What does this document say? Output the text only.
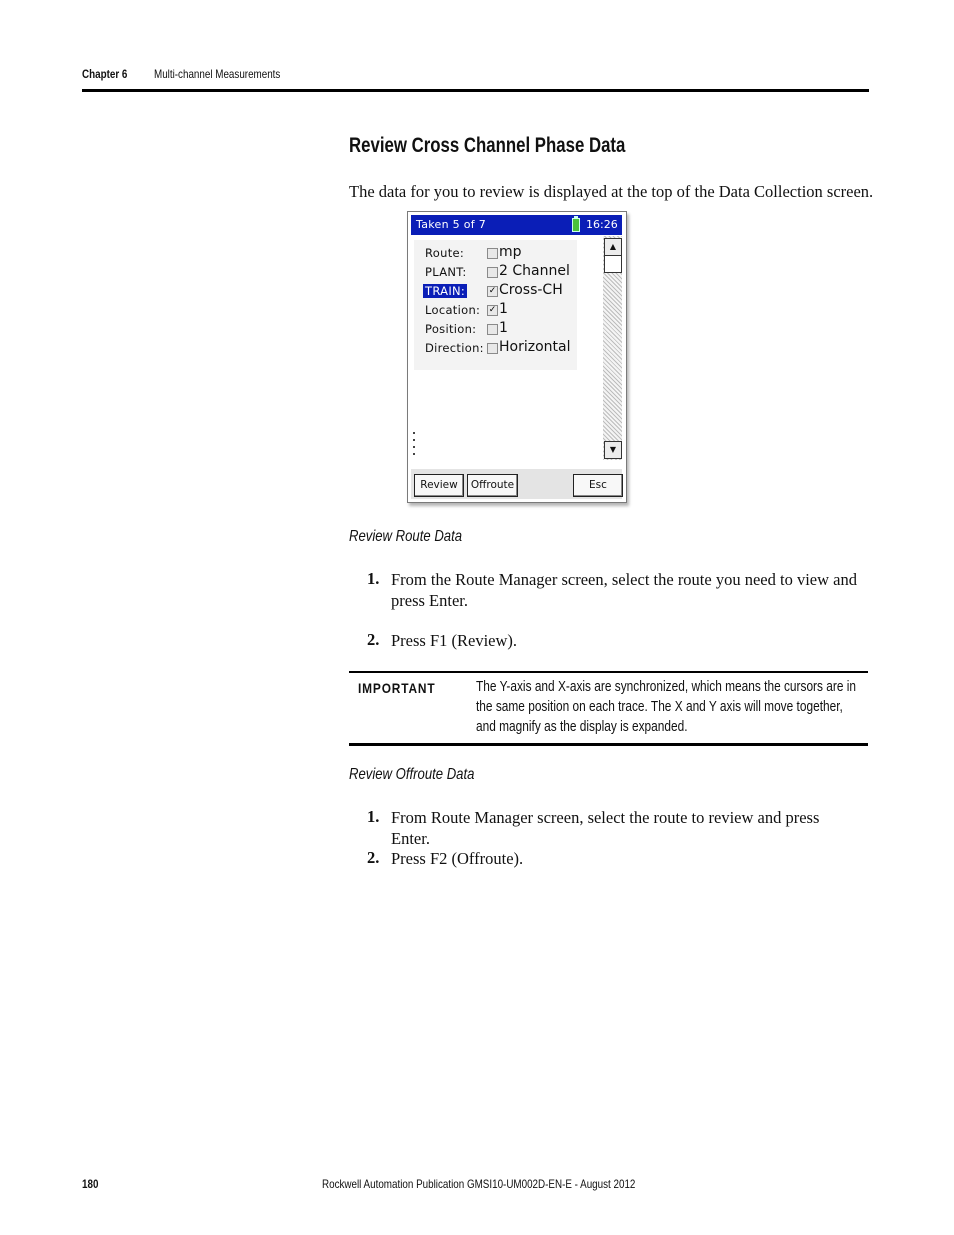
Chapter 6 Multi-channel Measurements
Review Cross Channel Phase Data
The data for you to review is displayed at the top of the Data Collection screen.
Taken 5 of 7	16:26
Route: mp
PLANT: 2 Channel
TRAIN:	✓ Cross-CH
Location: ✓ 1
Position: 1
Direction: Horizontal
▲
▼
Review	Offroute	Esc
Review Route Data
1. From the Route Manager screen, select the route you need to view and press Enter.
2. Press F1 (Review).
IMPORTANT	The Y-axis and X-axis are synchronized, which means the cursors are in the same position on each trace. The X and Y axis will move together, and magnify as the display is expanded.
Review Offroute Data
1. From Route Manager screen, select the route to review and press Enter.
2. Press F2 (Offroute).
180	Rockwell Automation Publication GMSI10-UM002D-EN-E - August 2012
